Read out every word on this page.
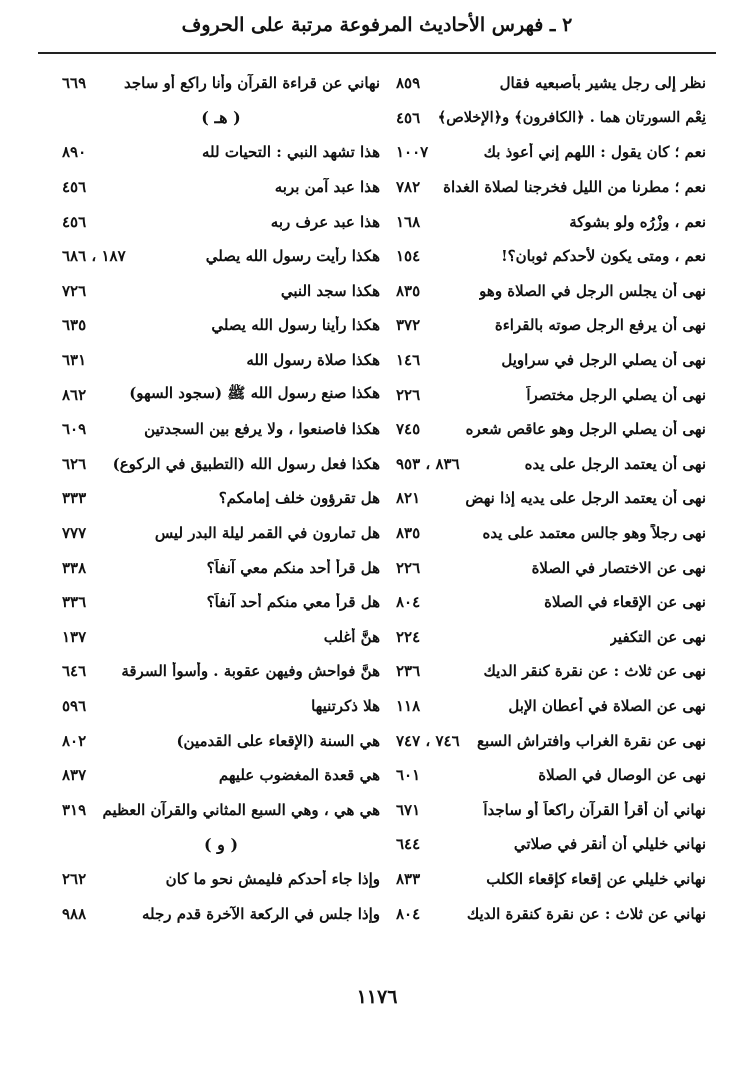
٢ ـ فهرس الأحاديث المرفوعة مرتبة على الحروف
نظر إلى رجل يشير بأصبعيه فقال
٨٥٩
نِعْم السورتان هما . ﴿الكافرون﴾ و﴿الإخلاص﴾
٤٥٦
نعم ؛ كان يقول : اللهم إني أعوذ بك
١٠٠٧
نعم ؛ مطرنا من الليل فخرجنا لصلاة الغداة
٧٨٢
نعم ، وِزْرُه ولو بشوكة
١٦٨
نعم ، ومتى يكون لأحدكم ثوبان؟!
١٥٤
نهى أن يجلس الرجل في الصلاة وهو
٨٣٥
نهى أن يرفع الرجل صوته بالقراءة
٣٧٢
نهى أن يصلي الرجل في سراويل
١٤٦
نهى أن يصلي الرجل مختصراً
٢٢٦
نهى أن يصلي الرجل وهو عاقص شعره
٧٤٥
نهى أن يعتمد الرجل على يده
٨٣٦ ، ٩٥٣
نهى أن يعتمد الرجل على يديه إذا نهض
٨٢١
نهى رجلاً وهو جالس معتمد على يده
٨٣٥
نهى عن الاختصار في الصلاة
٢٢٦
نهى عن الإقعاء في الصلاة
٨٠٤
نهى عن التكفير
٢٢٤
نهى عن ثلاث : عن نقرة كنقر الديك
٢٣٦
نهى عن الصلاة في أعطان الإبل
١١٨
نهى عن نقرة الغراب وافتراش السبع
٧٤٦ ، ٧٤٧
نهى عن الوصال في الصلاة
٦٠١
نهاني أن أقرأ القرآن راكعاً أو ساجداً
٦٧١
نهاني خليلي أن أنقر في صلاتي
٦٤٤
نهاني خليلي عن إقعاء كإقعاء الكلب
٨٣٣
نهاني عن ثلاث : عن نقرة كنقرة الديك
٨٠٤
نهاني عن قراءة القرآن وأنا راكع أو ساجد
٦٦٩
( هـ )
هذا تشهد النبي : التحيات لله
٨٩٠
هذا عبد آمن بربه
٤٥٦
هذا عبد عرف ربه
٤٥٦
هكذا رأيت رسول الله يصلي
١٨٧ ، ٦٨٦
هكذا سجد النبي
٧٢٦
هكذا رأينا رسول الله يصلي
٦٣٥
هكذا صلاة رسول الله
٦٣١
هكذا صنع رسول الله ﷺ (سجود السهو)
٨٦٢
هكذا فاصنعوا ، ولا يرفع بين السجدتين
٦٠٩
هكذا فعل رسول الله (التطبيق في الركوع)
٦٢٦
هل تقرؤون خلف إمامكم؟
٣٣٣
هل تمارون في القمر ليلة البدر ليس
٧٧٧
هل قرأ أحد منكم معي آنفاً؟
٣٣٨
هل قرأ معي منكم أحد آنفاً؟
٣٣٦
هنَّ أغلب
١٣٧
هنَّ فواحش وفيهن عقوبة . وأسوأ السرقة
٦٤٦
هلا ذكرتنيها
٥٩٦
هي السنة (الإقعاء على القدمين)
٨٠٢
هي قعدة المغضوب عليهم
٨٣٧
هي هي ، وهي السبع المثاني والقرآن العظيم
٣١٩
( و )
وإذا جاء أحدكم فليمش نحو ما كان
٢٦٢
وإذا جلس في الركعة الآخرة قدم رجله
٩٨٨
١١٧٦
